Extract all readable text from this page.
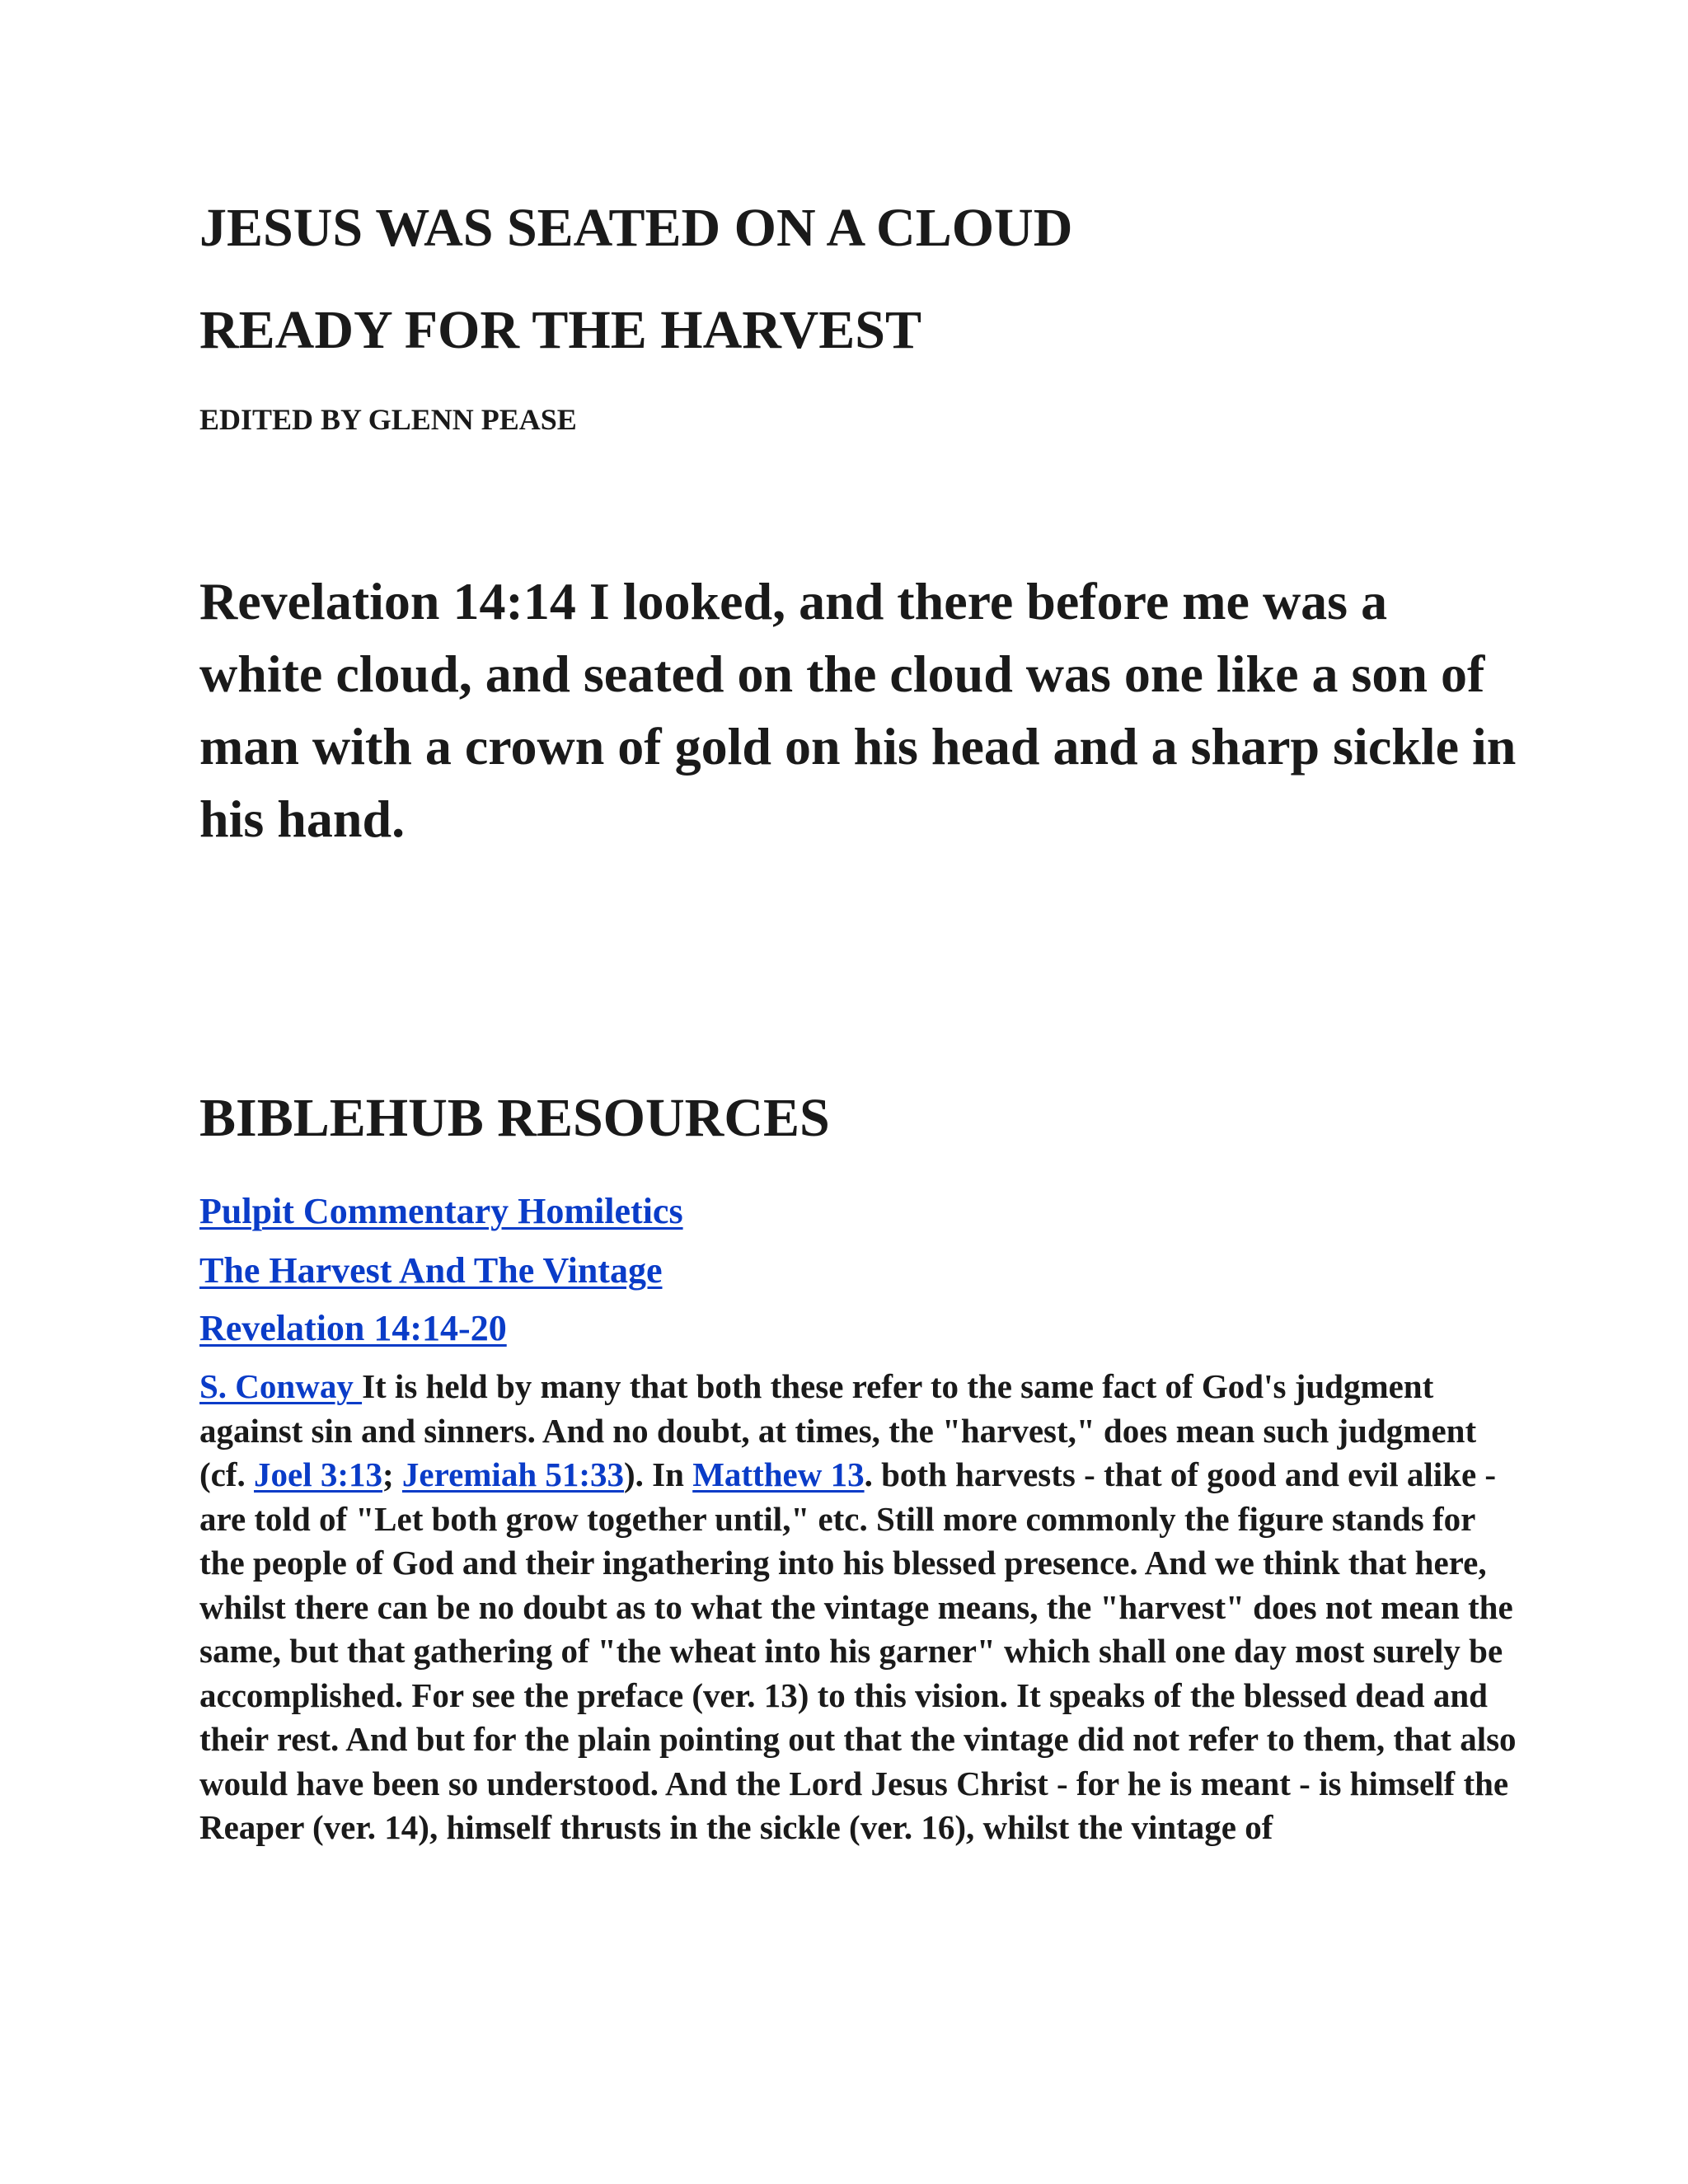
JESUS WAS SEATED ON A CLOUD
READY FOR THE HARVEST
EDITED BY GLENN PEASE

Revelation 14:14 I looked, and there before me was a white cloud, and seated on the cloud was one like a son of man with a crown of gold on his head and a sharp sickle in his hand.

BIBLEHUB RESOURCES
Pulpit Commentary Homiletics
The Harvest And The Vintage
Revelation 14:14-20

S. Conway It is held by many that both these refer to the same fact of God's judgment against sin and sinners. And no doubt, at times, the "harvest," does mean such judgment (cf. Joel 3:13; Jeremiah 51:33). In Matthew 13. both harvests - that of good and evil alike - are told of "Let both grow together until," etc. Still more commonly the figure stands for the people of God and their ingathering into his blessed presence. And we think that here, whilst there can be no doubt as to what the vintage means, the "harvest" does not mean the same, but that gathering of "the wheat into his garner" which shall one day most surely be accomplished. For see the preface (ver. 13) to this vision. It speaks of the blessed dead and their rest. And but for the plain pointing out that the vintage did not refer to them, that also would have been so understood. And the Lord Jesus Christ - for he is meant - is himself the Reaper (ver. 14), himself thrusts in the sickle (ver. 16), whilst the vintage of
